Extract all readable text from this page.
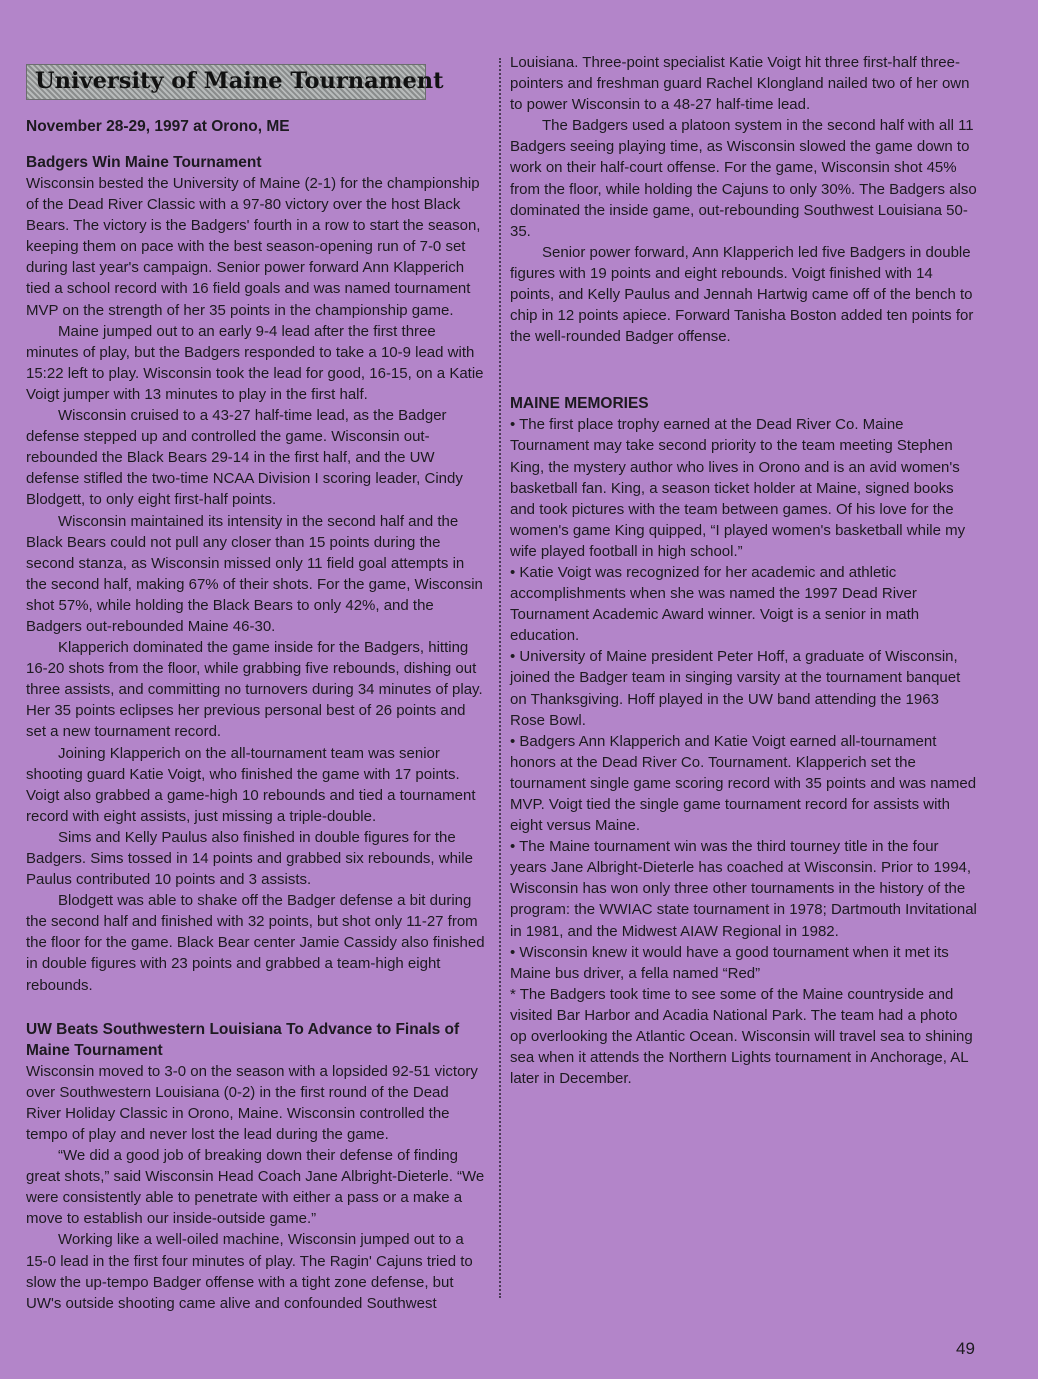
University of Maine Tournament
November 28-29, 1997 at Orono, ME
Badgers Win Maine Tournament

Wisconsin bested the University of Maine (2-1) for the championship of the Dead River Classic with a 97-80 victory over the host Black Bears. The victory is the Badgers' fourth in a row to start the season, keeping them on pace with the best season-opening run of 7-0 set during last year's campaign. Senior power forward Ann Klapperich tied a school record with 16 field goals and was named tournament MVP on the strength of her 35 points in the championship game.

Maine jumped out to an early 9-4 lead after the first three minutes of play, but the Badgers responded to take a 10-9 lead with 15:22 left to play. Wisconsin took the lead for good, 16-15, on a Katie Voigt jumper with 13 minutes to play in the first half.

Wisconsin cruised to a 43-27 half-time lead, as the Badger defense stepped up and controlled the game. Wisconsin out-rebounded the Black Bears 29-14 in the first half, and the UW defense stifled the two-time NCAA Division I scoring leader, Cindy Blodgett, to only eight first-half points.

Wisconsin maintained its intensity in the second half and the Black Bears could not pull any closer than 15 points during the second stanza, as Wisconsin missed only 11 field goal attempts in the second half, making 67% of their shots. For the game, Wisconsin shot 57%, while holding the Black Bears to only 42%, and the Badgers out-rebounded Maine 46-30.

Klapperich dominated the game inside for the Badgers, hitting 16-20 shots from the floor, while grabbing five rebounds, dishing out three assists, and committing no turnovers during 34 minutes of play. Her 35 points eclipses her previous personal best of 26 points and set a new tournament record.

Joining Klapperich on the all-tournament team was senior shooting guard Katie Voigt, who finished the game with 17 points. Voigt also grabbed a game-high 10 rebounds and tied a tournament record with eight assists, just missing a triple-double.

Sims and Kelly Paulus also finished in double figures for the Badgers. Sims tossed in 14 points and grabbed six rebounds, while Paulus contributed 10 points and 3 assists.

Blodgett was able to shake off the Badger defense a bit during the second half and finished with 32 points, but shot only 11-27 from the floor for the game. Black Bear center Jamie Cassidy also finished in double figures with 23 points and grabbed a team-high eight rebounds.

UW Beats Southwestern Louisiana To Advance to Finals of Maine Tournament

Wisconsin moved to 3-0 on the season with a lopsided 92-51 victory over Southwestern Louisiana (0-2) in the first round of the Dead River Holiday Classic in Orono, Maine. Wisconsin controlled the tempo of play and never lost the lead during the game.

“We did a good job of breaking down their defense of finding great shots,” said Wisconsin Head Coach Jane Albright-Dieterle. “We were consistently able to penetrate with either a pass or a make a move to establish our inside-outside game.”

Working like a well-oiled machine, Wisconsin jumped out to a 15-0 lead in the first four minutes of play. The Ragin' Cajuns tried to slow the up-tempo Badger offense with a tight zone defense, but UW's outside shooting came alive and confounded Southwest

Louisiana. Three-point specialist Katie Voigt hit three first-half three-pointers and freshman guard Rachel Klongland nailed two of her own to power Wisconsin to a 48-27 half-time lead.

The Badgers used a platoon system in the second half with all 11 Badgers seeing playing time, as Wisconsin slowed the game down to work on their half-court offense. For the game, Wisconsin shot 45% from the floor, while holding the Cajuns to only 30%. The Badgers also dominated the inside game, out-rebounding Southwest Louisiana 50-35.

Senior power forward, Ann Klapperich led five Badgers in double figures with 19 points and eight rebounds. Voigt finished with 14 points, and Kelly Paulus and Jennah Hartwig came off of the bench to chip in 12 points apiece. Forward Tanisha Boston added ten points for the well-rounded Badger offense.

MAINE MEMORIES

• The first place trophy earned at the Dead River Co. Maine Tournament may take second priority to the team meeting Stephen King, the mystery author who lives in Orono and is an avid women's basketball fan. King, a season ticket holder at Maine, signed books and took pictures with the team between games. Of his love for the women's game King quipped, “I played women's basketball while my wife played football in high school.”

• Katie Voigt was recognized for her academic and athletic accomplishments when she was named the 1997 Dead River Tournament Academic Award winner. Voigt is a senior in math education.

• University of Maine president Peter Hoff, a graduate of Wisconsin, joined the Badger team in singing varsity at the tournament banquet on Thanksgiving. Hoff played in the UW band attending the 1963 Rose Bowl.

• Badgers Ann Klapperich and Katie Voigt earned all-tournament honors at the Dead River Co. Tournament. Klapperich set the tournament single game scoring record with 35 points and was named MVP. Voigt tied the single game tournament record for assists with eight versus Maine.

• The Maine tournament win was the third tourney title in the four years Jane Albright-Dieterle has coached at Wisconsin. Prior to 1994, Wisconsin has won only three other tournaments in the history of the program: the WWIAC state tournament in 1978; Dartmouth Invitational in 1981, and the Midwest AIAW Regional in 1982.

• Wisconsin knew it would have a good tournament when it met its Maine bus driver, a fella named “Red”

* The Badgers took time to see some of the Maine countryside and visited Bar Harbor and Acadia National Park. The team had a photo op overlooking the Atlantic Ocean. Wisconsin will travel sea to shining sea when it attends the Northern Lights tournament in Anchorage, AL later in December.

49
